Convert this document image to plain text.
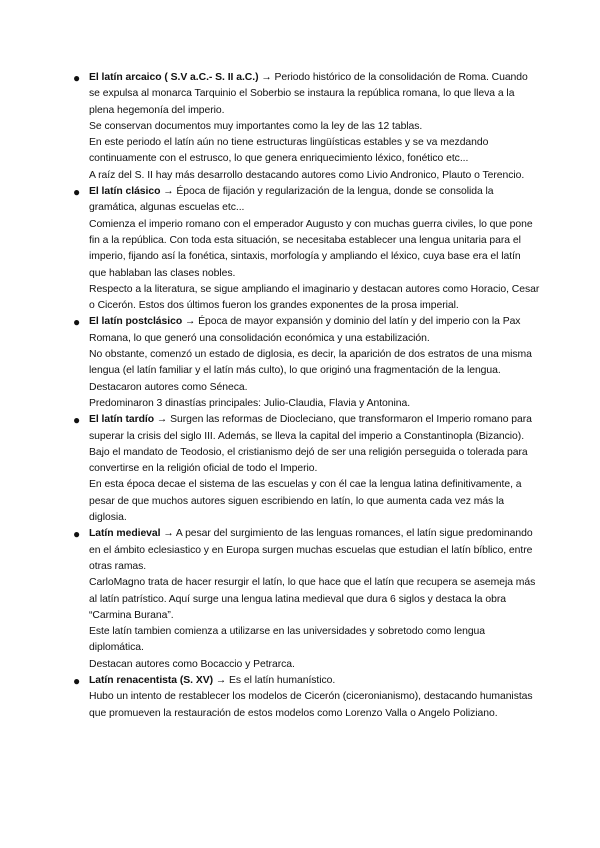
● El latín arcaico ( S.V a.C.- S. II a.C.) → Periodo histórico de la consolidación de Roma. Cuando se expulsa al monarca Tarquinio el Soberbio se instaura la república romana, lo que lleva a la plena hegemonía del imperio.

Se conservan documentos muy importantes como la ley de las 12 tablas.

En este periodo el latín aún no tiene estructuras lingüísticas estables y se va mezdando continuamente con el estrusco, lo que genera enriquecimiento léxico, fonético etc...

A raíz del S. II hay más desarrollo destacando autores como Livio Andronico, Plauto o Terencio.

● El latín clásico → Época de fijación y regularización de la lengua, donde se consolida la gramática, algunas escuelas etc...

Comienza el imperio romano con el emperador Augusto y con muchas guerra civiles, lo que pone fin a la república. Con toda esta situación, se necesitaba establecer una lengua unitaria para el imperio, fijando así la fonética, sintaxis, morfología y ampliando el léxico, cuya base era el latín que hablaban las clases nobles.

Respecto a la literatura, se sigue ampliando el imaginario y destacan autores como Horacio, Cesar o Cicerón. Estos dos últimos fueron los grandes exponentes de la prosa imperial.

● El latín postclásico → Época de mayor expansión y dominio del latín y del imperio con la Pax Romana, lo que generó una consolidación económica y una estabilización.

No obstante, comenzó un estado de diglosia, es decir, la aparición de dos estratos de una misma lengua (el latín familiar y el latín más culto), lo que originó una fragmentación de la lengua. Destacaron autores como Séneca.

Predominaron 3 dinastías principales: Julio-Claudia, Flavia y Antonina.

● El latín tardío → Surgen las reformas de Diocleciano, que transformaron el Imperio romano para superar la crisis del siglo III. Además, se lleva la capital del imperio a Constantinopla (Bizancio).

Bajo el mandato de Teodosio, el cristianismo dejó de ser una religión perseguida o tolerada para convertirse en la religión oficial de todo el Imperio.

En esta época decae el sistema de las escuelas y con él cae la lengua latina definitivamente, a pesar de que muchos autores siguen escribiendo en latín, lo que aumenta cada vez más la diglosia.

● Latín medieval → A pesar del surgimiento de las lenguas romances, el latín sigue predominando en el ámbito eclesiastico y en Europa surgen muchas escuelas que estudian el latín bíblico, entre otras ramas.

CarloMagno trata de hacer resurgir el latín, lo que hace que el latín que recupera se asemeja más al latín patrístico. Aquí surge una lengua latina medieval que dura 6 siglos y destaca la obra “Carmina Burana”.

Este latín tambien comienza a utilizarse en las universidades y sobretodo como lengua diplomática.

Destacan autores como Bocaccio y Petrarca.

● Latín renacentista (S. XV) → Es el latín humanístico.

Hubo un intento de restablecer los modelos de Cicerón (ciceronianismo), destacando humanistas que promueven la restauración de estos modelos como Lorenzo Valla o Angelo Poliziano.
